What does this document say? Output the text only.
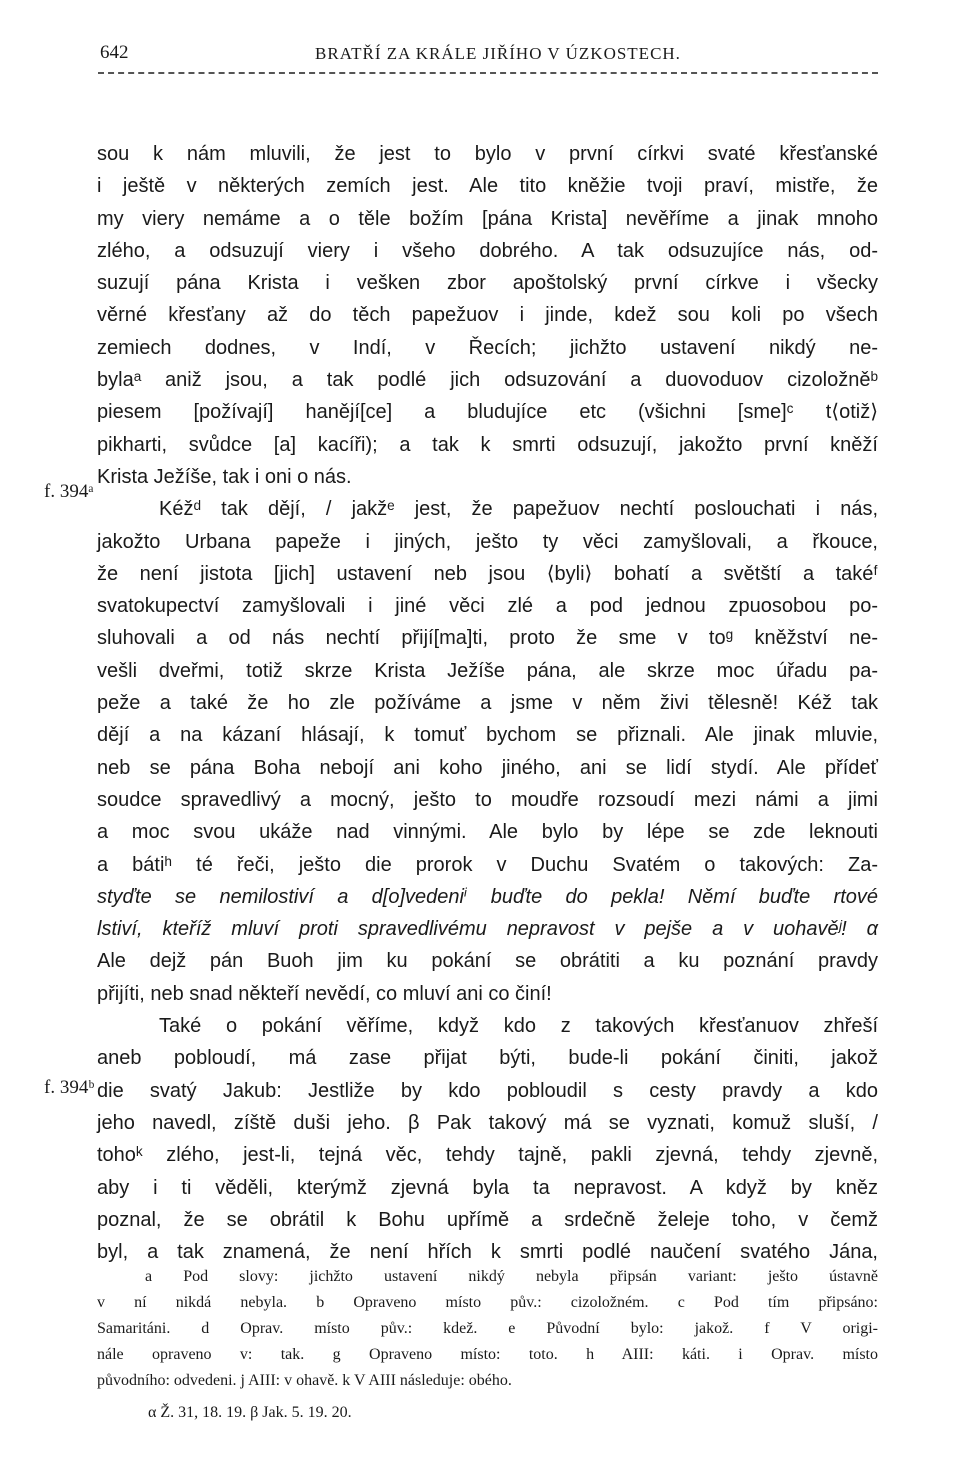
642	BRATŘÍ ZA KRÁLE JIŘÍHO V ÚZKOSTECH.
f. 394ᵃ
f. 394ᵇ
sou k nám mluvili, že jest to bylo v první církvi svaté křesťanské
i ještě v některých zemích jest. Ale tito kněžie tvoji praví, mistře, že
my viery nemáme a o těle božím [pána Krista] nevěříme a jinak mnoho
zlého, a odsuzují viery i všeho dobrého. A tak odsuzujíce nás, od-
suzují pána Krista i vešken zbor apoštolský první církve i všecky
věrné křesťany až do těch papežuov i jinde, kdež sou koli po všech
zemiech dodnes, v Indí, v Řecích; jichžto ustavení nikdý ne-
bylaᵃ aniž jsou, a tak podlé jich odsuzování a duovoduov cizoložněᵇ
piesem [požívají] hanějí[ce] a bludujíce etc (všichni [sme]ᶜ t⟨otiž⟩
pikharti, svůdce [a] kacíři); a tak k smrti odsuzují, jakožto první kněží
Krista Ježíše, tak i oni o nás.
Kéžᵈ tak dějí, / jakžᵉ jest, že papežuov nechtí poslouchati i nás,
jakožto Urbana papeže i jiných, ješto ty věci zamyšlovali, a řkouce,
že není jistota [jich] ustavení neb jsou ⟨byli⟩ bohatí a světští a takéᶠ
svatokupectví zamyšlovali i jiné věci zlé a pod jednou zpuosobou po-
sluhovali a od nás nechtí přijí[ma]ti, proto že sme v toᵍ kněžství ne-
vešli dveřmi, totiž skrze Krista Ježíše pána, ale skrze moc úřadu pa-
peže a také že ho zle požíváme a jsme v něm živi tělesně! Kéž tak
dějí a na kázaní hlásají, k tomuť bychom se přiznali. Ale jinak mluvie,
neb se pána Boha nebojí ani koho jiného, ani se lidí stydí. Ale přídeť
soudce spravedlivý a mocný, ješto to moudře rozsoudí mezi námi a jimi
a moc svou ukáže nad vinnými. Ale bylo by lépe se zde leknouti
a bátiʰ té řeči, ješto die prorok v Duchu Svatém o takových: Za-
styďte se nemilostiví a d[o]vedeniⁱ buďte do pekla! Němí buďte rtové
lstiví, kteříž mluví proti spravedlivému nepravost v pejše a v uohavěʲ! α
Ale dejž pán Buoh jim ku pokání se obrátiti a ku poznání pravdy
přijíti, neb snad někteří nevědí, co mluví ani co činí!
Také o pokání věříme, když kdo z takových křesťanuov zhřeší
aneb pobloudí, má zase přijat býti, bude-li pokání činiti, jakož
die svatý Jakub: Jestliže by kdo pobloudil s cesty pravdy a kdo
jeho navedl, zíště duši jeho. β Pak takový má se vyznati, komuž sluší, /
tohoᵏ zlého, jest-li, tejná věc, tehdy tajně, pakli zjevná, tehdy zjevně,
aby i ti věděli, kterýmž zjevná byla ta nepravost. A když by kněz
poznal, že se obrátil k Bohu upřímě a srdečně želeje toho, v čemž
byl, a tak znamená, že není hřích k smrti podlé naučení svatého Jána,
a Pod slovy: jichžto ustavení nikdý nebyla připsán variant: ješto ústavně
v ní nikdá nebyla. b Opraveno místo pův.: cizoložném. c Pod tím připsáno:
Samaritáni. d Oprav. místo pův.: kdež. e Původní bylo: jakož. f V origi-
nále opraveno v: tak. g Opraveno místo: toto. h AIII: káti. i Oprav. místo
původního: odvedeni. j AIII: v ohavě. k V AIII následuje: obého.
α Ž. 31, 18. 19. β Jak. 5. 19. 20.
